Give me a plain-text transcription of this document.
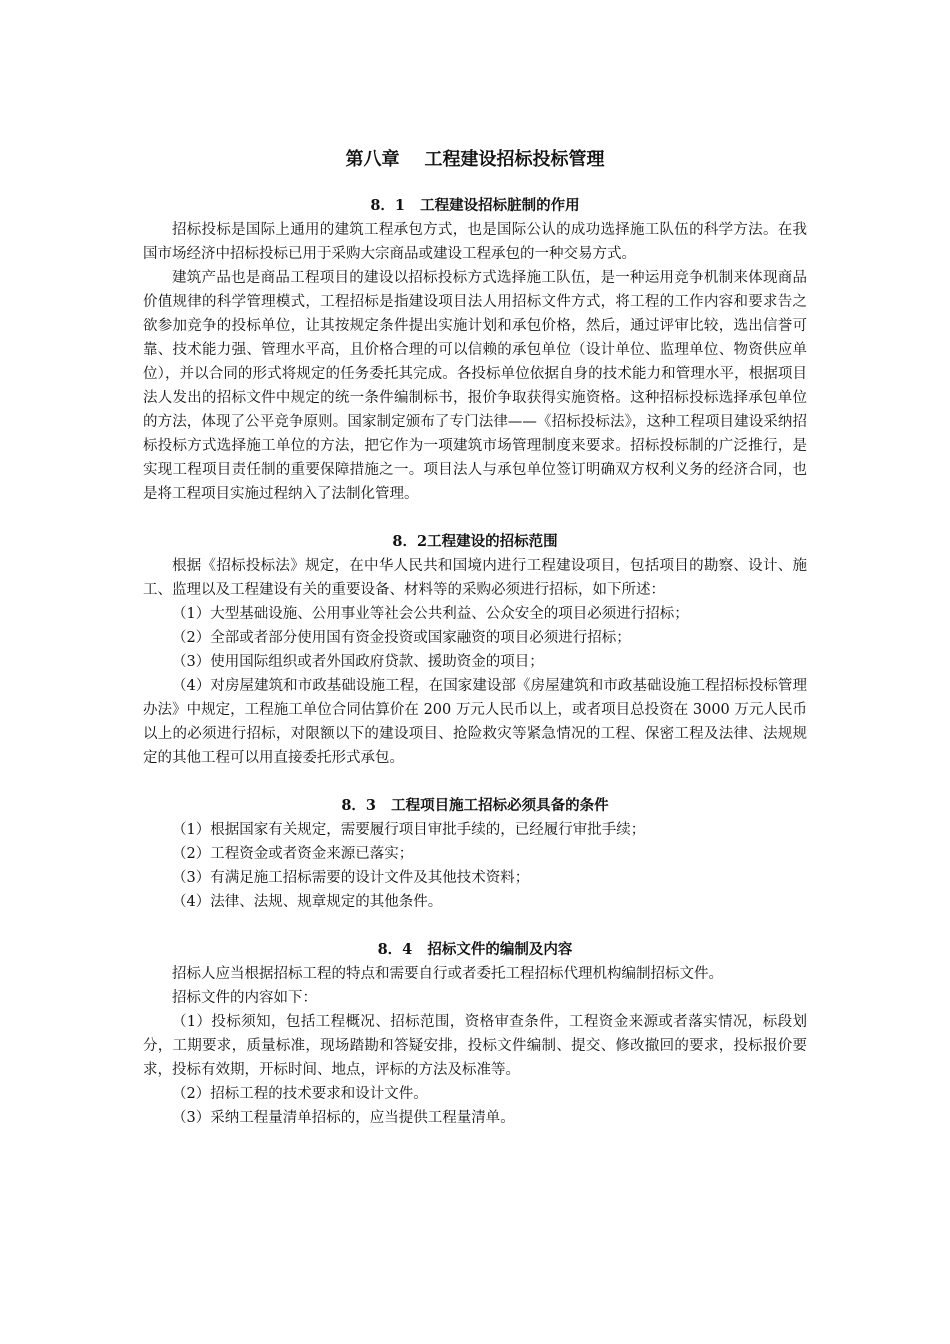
第八章    工程建设招标投标管理
8．1   工程建设招标脏制的作用

招标投标是国际上通用的建筑工程承包方式，也是国际公认的成功选择施工队伍的科学方法。在我国市场经济中招标投标已用于采购大宗商品或建设工程承包的一种交易方式。

建筑产品也是商品工程项目的建设以招标投标方式选择施工队伍，是一种运用竞争机制来体现商品价值规律的科学管理模式，工程招标是指建设项目法人用招标文件方式，将工程的工作内容和要求告之欲参加竞争的投标单位，让其按规定条件提出实施计划和承包价格，然后，通过评审比较，选出信誉可靠、技术能力强、管理水平高，且价格合理的可以信赖的承包单位（设计单位、监理单位、物资供应单位），并以合同的形式将规定的任务委托其完成。各投标单位依据自身的技术能力和管理水平，根据项目法人发出的招标文件中规定的统一条件编制标书，报价争取获得实施资格。这种招标投标选择承包单位的方法，体现了公平竞争原则。国家制定颁布了专门法律——《招标投标法》，这种工程项目建设采纳招标投标方式选择施工单位的方法，把它作为一项建筑市场管理制度来要求。招标投标制的广泛推行，是实现工程项目责任制的重要保障措施之一。项目法人与承包单位签订明确双方权利义务的经济合同，也是将工程项目实施过程纳入了法制化管理。

8．2工程建设的招标范围

根据《招标投标法》规定，在中华人民共和国境内进行工程建设项目，包括项目的勘察、设计、施工、监理以及工程建设有关的重要设备、材料等的采购必须进行招标，如下所述：

（1）大型基础设施、公用事业等社会公共利益、公众安全的项目必须进行招标；

（2）全部或者部分使用国有资金投资或国家融资的项目必须进行招标；

（3）使用国际组织或者外国政府贷款、援助资金的项目；

（4）对房屋建筑和市政基础设施工程，在国家建设部《房屋建筑和市政基础设施工程招标投标管理办法》中规定，工程施工单位合同估算价在 200 万元人民币以上，或者项目总投资在 3000 万元人民币以上的必须进行招标，对限额以下的建设项目、抢险救灾等紧急情况的工程、保密工程及法律、法规规定的其他工程可以用直接委托形式承包。

8．3   工程项目施工招标必须具备的条件

（1）根据国家有关规定，需要履行项目审批手续的，已经履行审批手续；

（2）工程资金或者资金来源已落实；

（3）有满足施工招标需要的设计文件及其他技术资料；

（4）法律、法规、规章规定的其他条件。

8．4   招标文件的编制及内容

招标人应当根据招标工程的特点和需要自行或者委托工程招标代理机构编制招标文件。

招标文件的内容如下：

（1）投标须知，包括工程概况、招标范围，资格审查条件，工程资金来源或者落实情况，标段划分，工期要求，质量标准，现场踏勘和答疑安排，投标文件编制、提交、修改撤回的要求，投标报价要求，投标有效期，开标时间、地点，评标的方法及标准等。

（2）招标工程的技术要求和设计文件。

（3）采纳工程量清单招标的，应当提供工程量清单。
